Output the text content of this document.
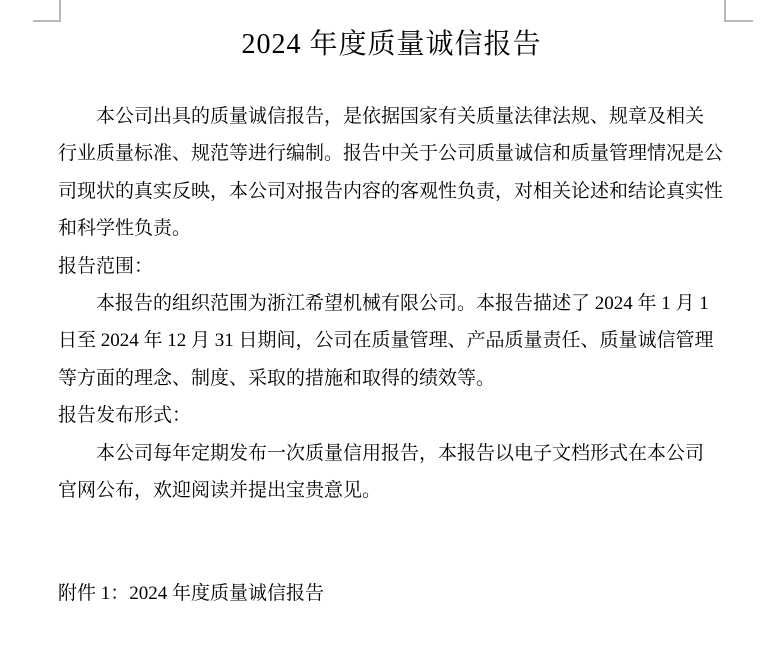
2024 年度质量诚信报告
本公司出具的质量诚信报告，是依据国家有关质量法律法规、规章及相关
行业质量标准、规范等进行编制。报告中关于公司质量诚信和质量管理情况是公
司现状的真实反映，本公司对报告内容的客观性负责，对相关论述和结论真实性
和科学性负责。
报告范围：
本报告的组织范围为浙江希望机械有限公司。本报告描述了 2024 年 1 月 1
日至 2024 年 12 月 31 日期间，公司在质量管理、产品质量责任、质量诚信管理
等方面的理念、制度、采取的措施和取得的绩效等。
报告发布形式：
本公司每年定期发布一次质量信用报告，本报告以电子文档形式在本公司
官网公布，欢迎阅读并提出宝贵意见。
附件 1：2024 年度质量诚信报告
